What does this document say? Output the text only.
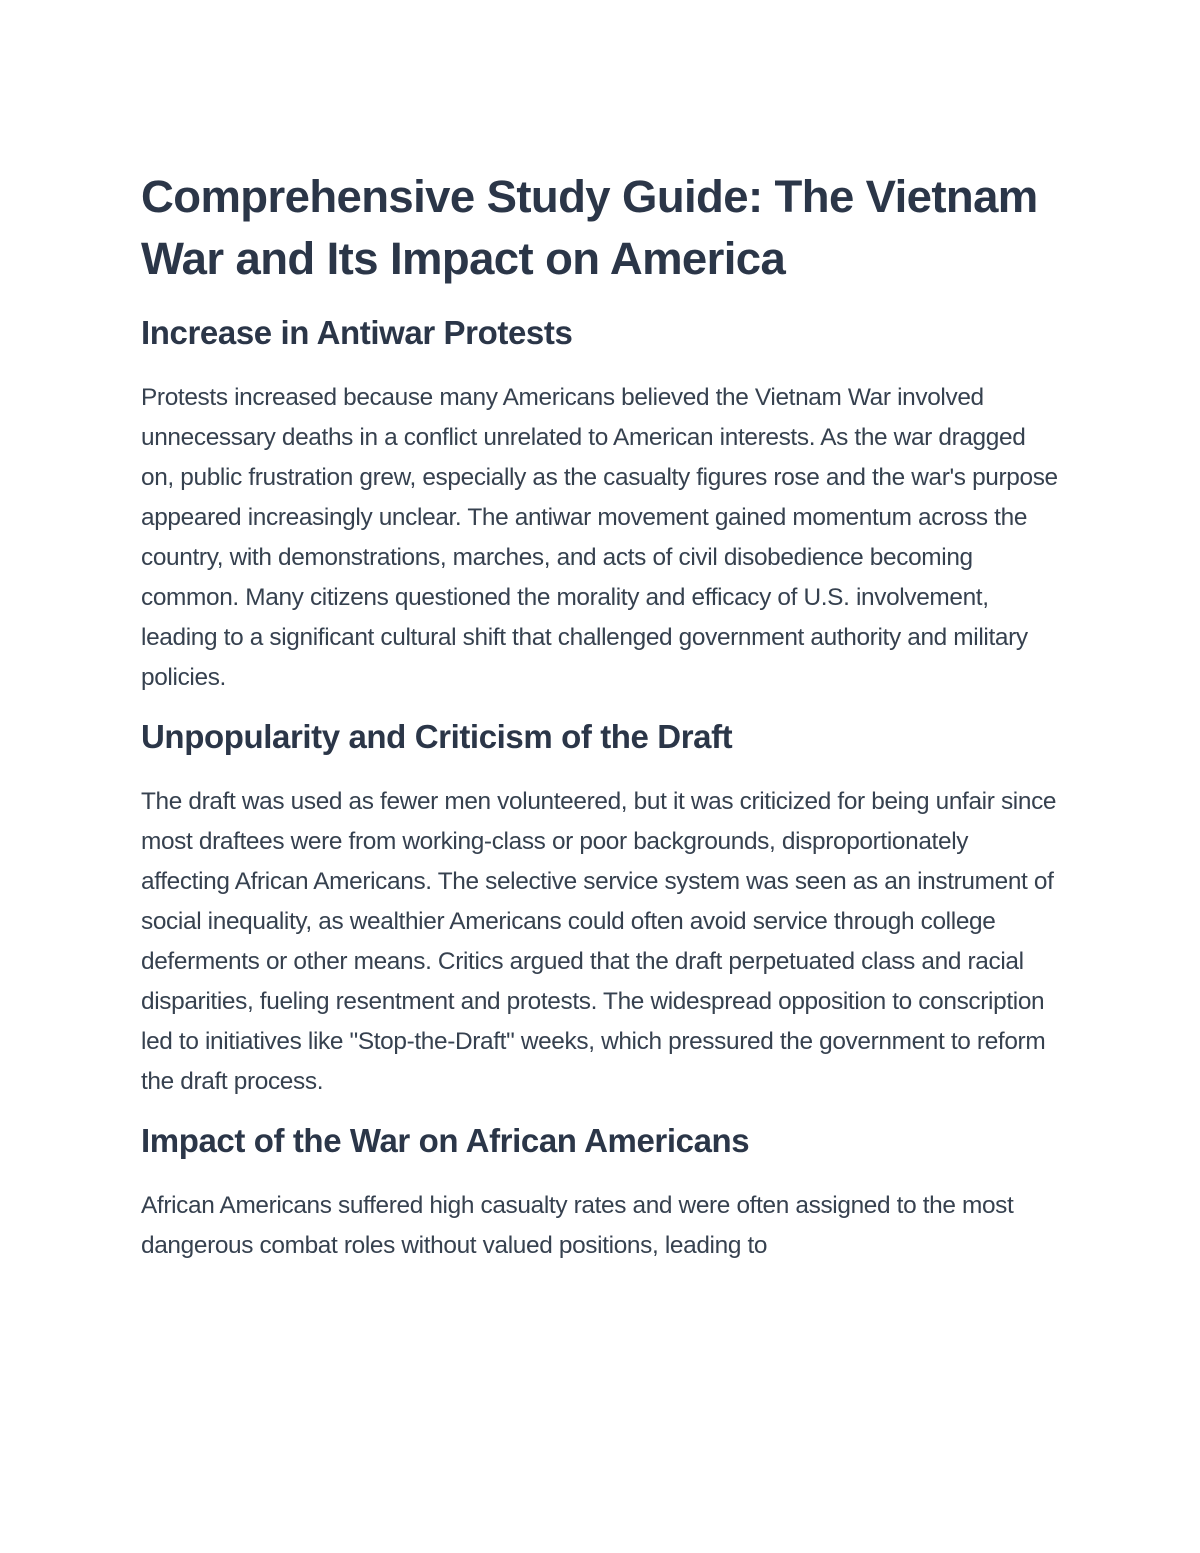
Comprehensive Study Guide: The Vietnam War and Its Impact on America
Increase in Antiwar Protests

Protests increased because many Americans believed the Vietnam War involved unnecessary deaths in a conflict unrelated to American interests. As the war dragged on, public frustration grew, especially as the casualty figures rose and the war's purpose appeared increasingly unclear. The antiwar movement gained momentum across the country, with demonstrations, marches, and acts of civil disobedience becoming common. Many citizens questioned the morality and efficacy of U.S. involvement, leading to a significant cultural shift that challenged government authority and military policies.

Unpopularity and Criticism of the Draft

The draft was used as fewer men volunteered, but it was criticized for being unfair since most draftees were from working-class or poor backgrounds, disproportionately affecting African Americans. The selective service system was seen as an instrument of social inequality, as wealthier Americans could often avoid service through college deferments or other means. Critics argued that the draft perpetuated class and racial disparities, fueling resentment and protests. The widespread opposition to conscription led to initiatives like "Stop-the-Draft" weeks, which pressured the government to reform the draft process.

Impact of the War on African Americans

African Americans suffered high casualty rates and were often assigned to the most dangerous combat roles without valued positions, leading to
